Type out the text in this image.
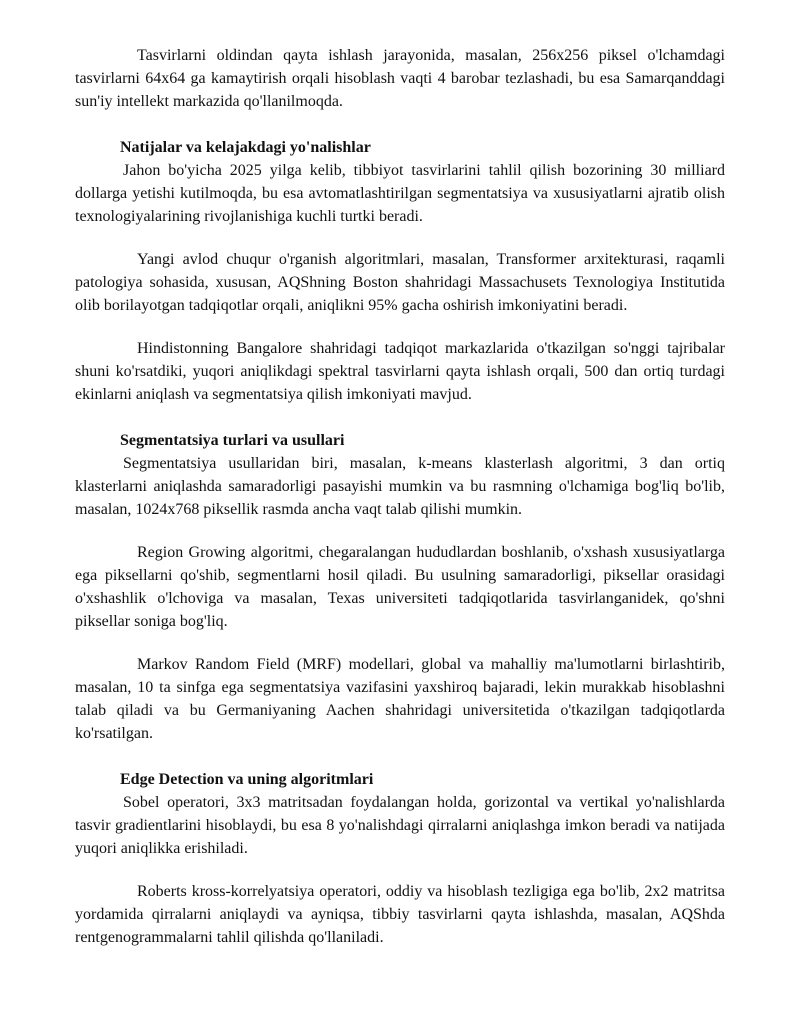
Tasvirlarni oldindan qayta ishlash jarayonida, masalan, 256x256 piksel o'lchamdagi tasvirlarni 64x64 ga kamaytirish orqali hisoblash vaqti 4 barobar tezlashadi, bu esa Samarqanddagi sun'iy intellekt markazida qo'llanilmoqda.

Natijalar va kelajakdagi yo'nalishlar

Jahon bo'yicha 2025 yilga kelib, tibbiyot tasvirlarini tahlil qilish bozorining 30 milliard dollarga yetishi kutilmoqda, bu esa avtomatlashtirilgan segmentatsiya va xususiyatlarni ajratib olish texnologiyalarining rivojlanishiga kuchli turtki beradi.

Yangi avlod chuqur o'rganish algoritmlari, masalan, Transformer arxitekturasi, raqamli patologiya sohasida, xususan, AQShning Boston shahridagi Massachusets Texnologiya Institutida olib borilayotgan tadqiqotlar orqali, aniqlikni 95% gacha oshirish imkoniyatini beradi.

Hindistonning Bangalore shahridagi tadqiqot markazlarida o'tkazilgan so'nggi tajribalar shuni ko'rsatdiki, yuqori aniqlikdagi spektral tasvirlarni qayta ishlash orqali, 500 dan ortiq turdagi ekinlarni aniqlash va segmentatsiya qilish imkoniyati mavjud.

Segmentatsiya turlari va usullari

Segmentatsiya usullaridan biri, masalan, k-means klasterlash algoritmi, 3 dan ortiq klasterlarni aniqlashda samaradorligi pasayishi mumkin va bu rasmning o'lchamiga bog'liq bo'lib, masalan, 1024x768 piksellik rasmda ancha vaqt talab qilishi mumkin.

Region Growing algoritmi, chegaralangan hududlardan boshlanib, o'xshash xususiyatlarga ega piksellarni qo'shib, segmentlarni hosil qiladi. Bu usulning samaradorligi, piksellar orasidagi o'xshashlik o'lchoviga va masalan, Texas universiteti tadqiqotlarida tasvirlanganidek, qo'shni piksellar soniga bog'liq.

Markov Random Field (MRF) modellari, global va mahalliy ma'lumotlarni birlashtirib, masalan, 10 ta sinfga ega segmentatsiya vazifasini yaxshiroq bajaradi, lekin murakkab hisoblashni talab qiladi va bu Germaniyaning Aachen shahridagi universitetida o'tkazilgan tadqiqotlarda ko'rsatilgan.

Edge Detection va uning algoritmlari

Sobel operatori, 3x3 matritsadan foydalangan holda, gorizontal va vertikal yo'nalishlarda tasvir gradientlarini hisoblaydi, bu esa 8 yo'nalishdagi qirralarni aniqlashga imkon beradi va natijada yuqori aniqlikka erishiladi.

Roberts kross-korrelyatsiya operatori, oddiy va hisoblash tezligiga ega bo'lib, 2x2 matritsa yordamida qirralarni aniqlaydi va ayniqsa, tibbiy tasvirlarni qayta ishlashda, masalan, AQShda rentgenogrammalarni tahlil qilishda qo'llaniladi.
